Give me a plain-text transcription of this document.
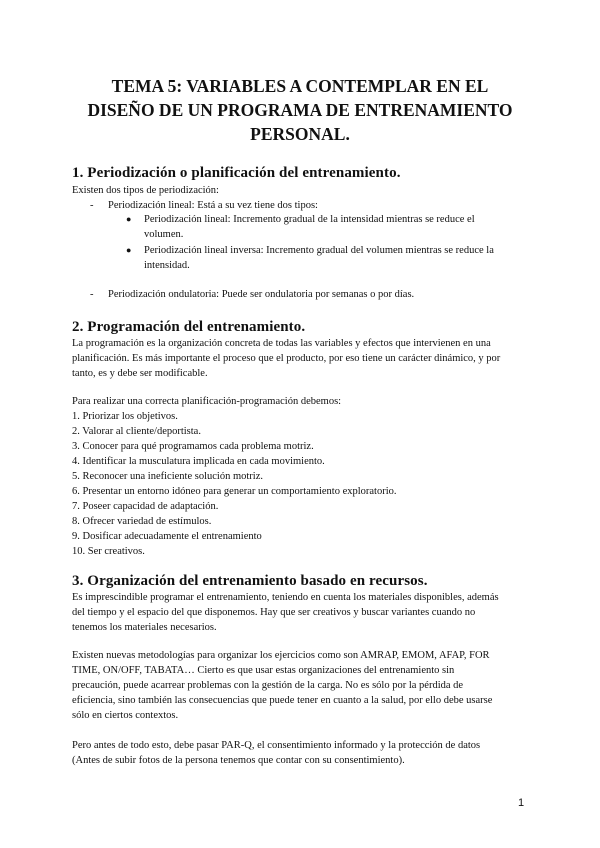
TEMA 5: VARIABLES A CONTEMPLAR EN EL
DISEÑO DE UN PROGRAMA DE ENTRENAMIENTO
PERSONAL.
1. Periodización o planificación del entrenamiento.

Existen dos tipos de periodización:

- Periodización lineal: Está a su vez tiene dos tipos:
● Periodización lineal: Incremento gradual de la intensidad mientras se reduce el
volumen.
● Periodización lineal inversa: Incremento gradual del volumen mientras se reduce la
intensidad.
- Periodización ondulatoria: Puede ser ondulatoria por semanas o por días.
2. Programación del entrenamiento.
La programación es la organización concreta de todas las variables y efectos que intervienen en una
planificación. Es más importante el proceso que el producto, por eso tiene un carácter dinámico, y por
tanto, es y debe ser modificable.

Para realizar una correcta planificación-programación debemos:

1. Priorizar los objetivos.
2. Valorar al cliente/deportista.
3. Conocer para qué programamos cada problema motriz.
4. Identificar la musculatura implicada en cada movimiento.
5. Reconocer una ineficiente solución motriz.
6. Presentar un entorno idóneo para generar un comportamiento exploratorio.
7. Poseer capacidad de adaptación.
8. Ofrecer variedad de estímulos.
9. Dosificar adecuadamente el entrenamiento
10. Ser creativos.
3. Organización del entrenamiento basado en recursos.
Es imprescindible programar el entrenamiento, teniendo en cuenta los materiales disponibles, además
del tiempo y el espacio del que disponemos. Hay que ser creativos y buscar variantes cuando no
tenemos los materiales necesarios.
Existen nuevas metodologías para organizar los ejercicios como son AMRAP, EMOM, AFAP, FOR
TIME, ON/OFF, TABATA… Cierto es que usar estas organizaciones del entrenamiento sin
precaución, puede acarrear problemas con la gestión de la carga. No es sólo por la pérdida de
eficiencia, sino también las consecuencias que puede tener en cuanto a la salud, por ello debe usarse
sólo en ciertos contextos.
Pero antes de todo esto, debe pasar PAR-Q, el consentimiento informado y la protección de datos
(Antes de subir fotos de la persona tenemos que contar con su consentimiento).
1
